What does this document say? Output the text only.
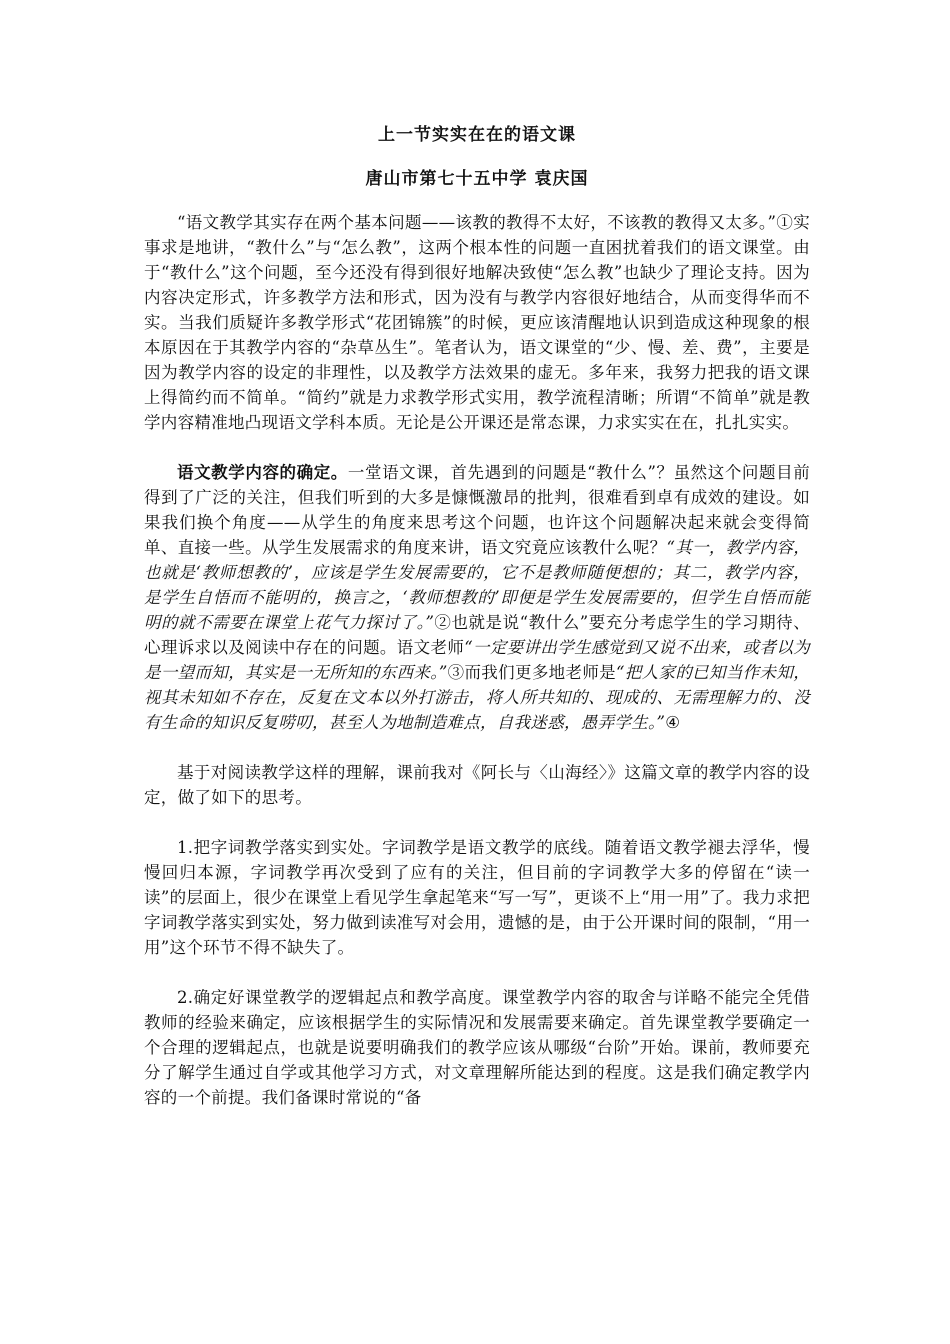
上一节实实在在的语文课
唐山市第七十五中学 袁庆国

“语文教学其实存在两个基本问题——该教的教得不太好，不该教的教得又太多。”①实事求是地讲，“教什么”与“怎么教”，这两个根本性的问题一直困扰着我们的语文课堂。由于“教什么”这个问题，至今还没有得到很好地解决致使“怎么教”也缺少了理论支持。因为内容决定形式，许多教学方法和形式，因为没有与教学内容很好地结合，从而变得华而不实。当我们质疑许多教学形式“花团锦簇”的时候，更应该清醒地认识到造成这种现象的根本原因在于其教学内容的“杂草丛生”。笔者认为，语文课堂的“少、慢、差、费”，主要是因为教学内容的设定的非理性，以及教学方法效果的虚无。多年来，我努力把我的语文课上得简约而不简单。“简约”就是力求教学形式实用，教学流程清晰；所谓“不简单”就是教学内容精准地凸现语文学科本质。无论是公开课还是常态课，力求实实在在，扎扎实实。

语文教学内容的确定。一堂语文课，首先遇到的问题是“教什么”？虽然这个问题目前得到了广泛的关注，但我们听到的大多是慷慨激昂的批判，很难看到卓有成效的建设。如果我们换个角度——从学生的角度来思考这个问题，也许这个问题解决起来就会变得简单、直接一些。从学生发展需求的角度来讲，语文究竟应该教什么呢？“其一，教学内容，也就是‘教师想教的’，应该是学生发展需要的，它不是教师随便想的；其二，教学内容，是学生自悟而不能明的，换言之，‘教师想教的’即便是学生发展需要的，但学生自悟而能明的就不需要在课堂上花气力探讨了。”②也就是说“教什么”要充分考虑学生的学习期待、心理诉求以及阅读中存在的问题。语文老师“一定要讲出学生感觉到又说不出来，或者以为是一望而知，其实是一无所知的东西来。”③而我们更多地老师是“把人家的已知当作未知，视其未知如不存在，反复在文本以外打游击，将人所共知的、现成的、无需理解力的、没有生命的知识反复唠叨，甚至人为地制造难点，自我迷惑，愚弄学生。”④

基于对阅读教学这样的理解，课前我对《阿长与〈山海经〉》这篇文章的教学内容的设定，做了如下的思考。

1.把字词教学落实到实处。字词教学是语文教学的底线。随着语文教学褪去浮华，慢慢回归本源，字词教学再次受到了应有的关注，但目前的字词教学大多的停留在“读一读”的层面上，很少在课堂上看见学生拿起笔来“写一写”，更谈不上“用一用”了。我力求把字词教学落实到实处，努力做到读准写对会用，遗憾的是，由于公开课时间的限制，“用一用”这个环节不得不缺失了。

2.确定好课堂教学的逻辑起点和教学高度。课堂教学内容的取舍与详略不能完全凭借教师的经验来确定，应该根据学生的实际情况和发展需要来确定。首先课堂教学要确定一个合理的逻辑起点，也就是说要明确我们的教学应该从哪级“台阶”开始。课前，教师要充分了解学生通过自学或其他学习方式，对文章理解所能达到的程度。这是我们确定教学内容的一个前提。我们备课时常说的“备
